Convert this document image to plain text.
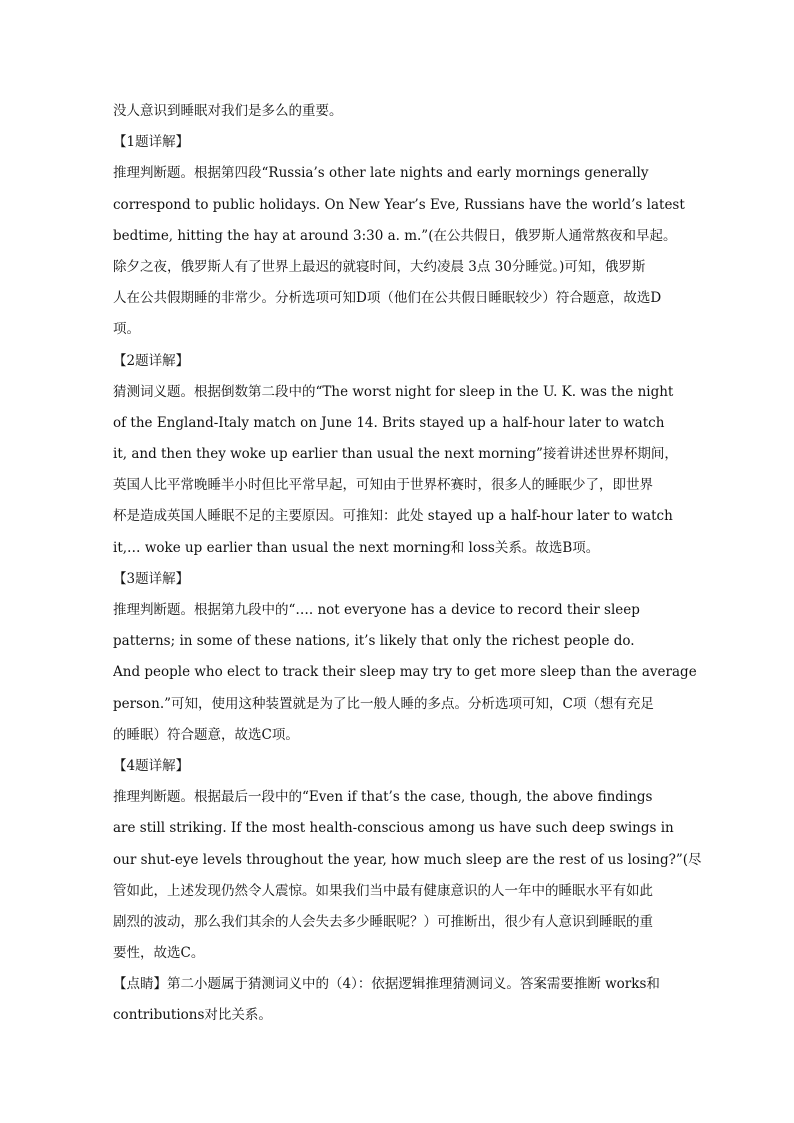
没人意识到睡眠对我们是多么的重要。
【1题详解】
推理判断题。根据第四段“Russia’s other late nights and early mornings generally
correspond to public holidays. On New Year’s Eve, Russians have the world’s latest
bedtime, hitting the hay at around 3:30 a. m.”(在公共假日，俄罗斯人通常熬夜和早起。
除夕之夜，俄罗斯人有了世界上最迟的就寝时间，大约凌晨 3点 30分睡觉。)可知，俄罗斯
人在公共假期睡的非常少。分析选项可知D项（他们在公共假日睡眠较少）符合题意，故选D
项。
【2题详解】
猜测词义题。根据倒数第二段中的“The worst night for sleep in the U. K. was the night
of the England-Italy match on June 14. Brits stayed up a half-hour later to watch
it, and then they woke up earlier than usual the next morning”接着讲述世界杯期间，
英国人比平常晚睡半小时但比平常早起，可知由于世界杯赛时，很多人的睡眠少了，即世界
杯是造成英国人睡眠不足的主要原因。可推知：此处 stayed up a half-hour later to watch
it,… woke up earlier than usual the next morning和 loss关系。故选B项。
【3题详解】
推理判断题。根据第九段中的“…. not everyone has a device to record their sleep
patterns; in some of these nations, it’s likely that only the richest people do.
And people who elect to track their sleep may try to get more sleep than the average
person.”可知，使用这种装置就是为了比一般人睡的多点。分析选项可知，C项（想有充足
的睡眠）符合题意，故选C项。
【4题详解】
推理判断题。根据最后一段中的“Even if that’s the case, though, the above findings
are still striking. If the most health-conscious among us have such deep swings in
our shut-eye levels throughout the year, how much sleep are the rest of us losing?”(尽
管如此，上述发现仍然令人震惊。如果我们当中最有健康意识的人一年中的睡眠水平有如此
剧烈的波动，那么我们其余的人会失去多少睡眠呢？）可推断出，很少有人意识到睡眠的重
要性，故选C。
【点睛】第二小题属于猜测词义中的（4）：依据逻辑推理猜测词义。答案需要推断 works和
contributions对比关系。
